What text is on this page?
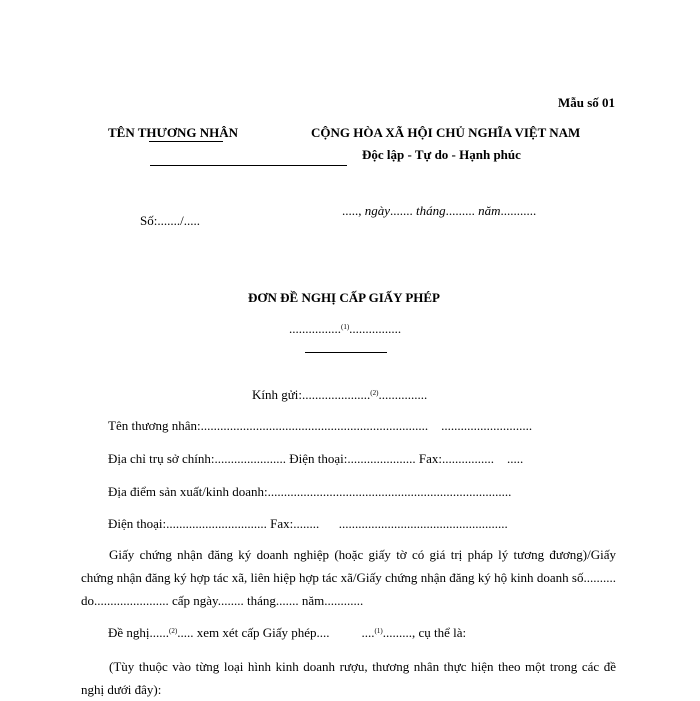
Mẫu số 01
TÊN THƯƠNG NHÂN	CỘNG HÒA XÃ HỘI CHỦ NGHĨA VIỆT NAM
Độc lập - Tự do - Hạnh phúc
Số:......./.....
....., ngày....... tháng......... năm...........
ĐƠN ĐỀ NGHỊ CẤP GIẤY PHÉP
................$^{(1)}$................
Kính gửi:.....................$^{(2)}$...............
Tên thương nhân:......................................................................    ............................
Địa chỉ trụ sở chính:...................... Điện thoại:..................... Fax:................    .....
Địa điểm sản xuất/kinh doanh:...........................................................................
Điện thoại:............................... Fax:........      ....................................................
Giấy chứng nhận đăng ký doanh nghiệp (hoặc giấy tờ có giá trị pháp lý tương đương)/Giấy chứng nhận đăng ký hợp tác xã, liên hiệp hợp tác xã/Giấy chứng nhận đăng ký hộ kinh doanh số.......... do....................... cấp ngày........ tháng....... năm............
Đề nghị......$^{(2)}$..... xem xét cấp Giấy phép.... ....$^{(1)}$........., cụ thể là:
(Tùy thuộc vào từng loại hình kinh doanh rượu, thương nhân thực hiện theo một trong các đề nghị dưới đây):
